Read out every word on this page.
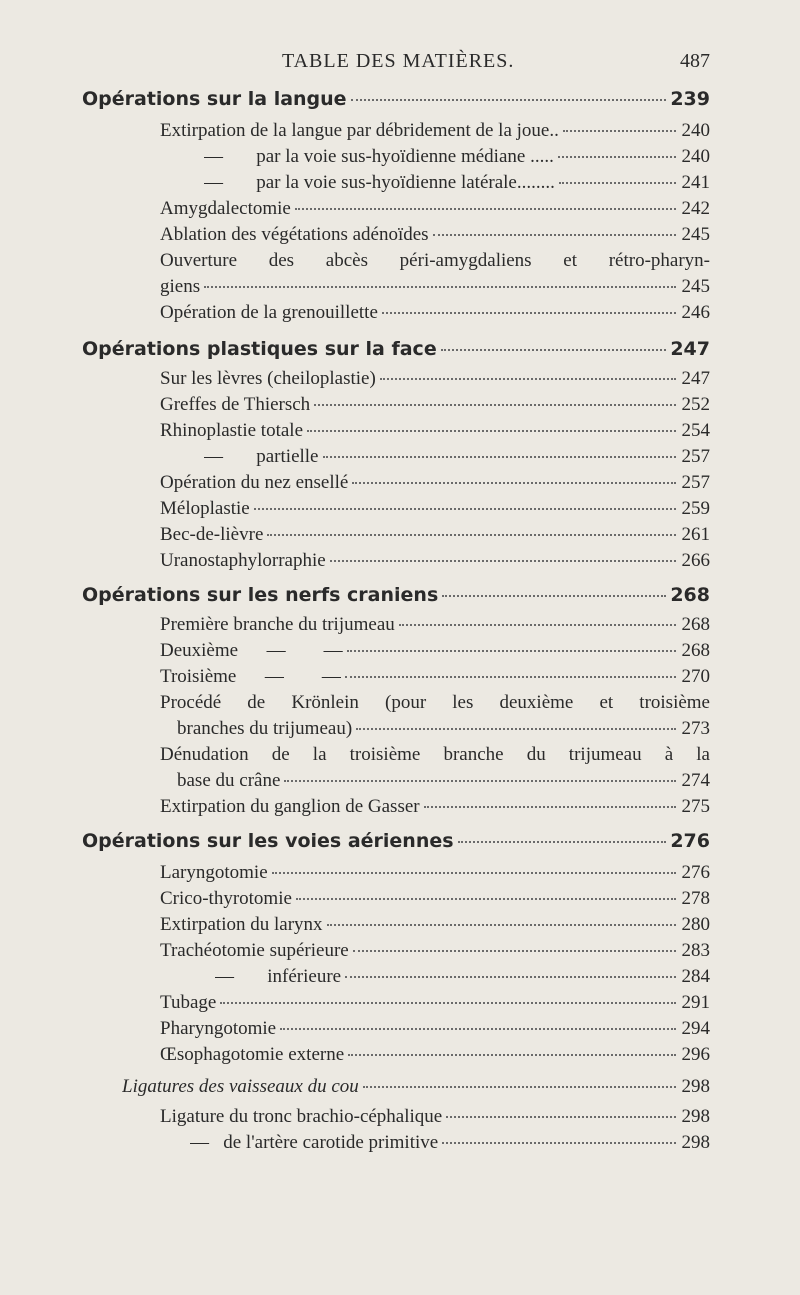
TABLE DES MATIÈRES.	487
Opérations sur la langue	239
Extirpation de la langue par débridement de la joue..	240
—       par la voie sus-hyoïdienne médiane .....	240
—       par la voie sus-hyoïdienne latérale........	241
Amygdalectomie	242
Ablation des végétations adénoïdes	245
Ouverture des abcès péri-amygdaliens et rétro-pharyn-
giens	245
Opération de la grenouillette	246
Opérations plastiques sur la face	247
Sur les lèvres (cheiloplastie)	247
Greffes de Thiersch	252
Rhinoplastie totale	254
—       partielle	257
Opération du nez ensellé	257
Méloplastie	259
Bec-de-lièvre	261
Uranostaphylorraphie	266
Opérations sur les nerfs craniens	268
Première branche du trijumeau	268
Deuxième      —        —	268
Troisième      —        —	270
Procédé de Krönlein (pour les deuxième et troisième
branches du trijumeau)	273
Dénudation de la troisième branche du trijumeau à la
base du crâne	274
Extirpation du ganglion de Gasser	275
Opérations sur les voies aériennes	276
Laryngotomie	276
Crico-thyrotomie	278
Extirpation du larynx	280
Trachéotomie supérieure	283
—       inférieure	284
Tubage	291
Pharyngotomie	294
Œsophagotomie externe	296
Ligatures des vaisseaux du cou	298
Ligature du tronc brachio-céphalique	298
—   de l'artère carotide primitive	298
